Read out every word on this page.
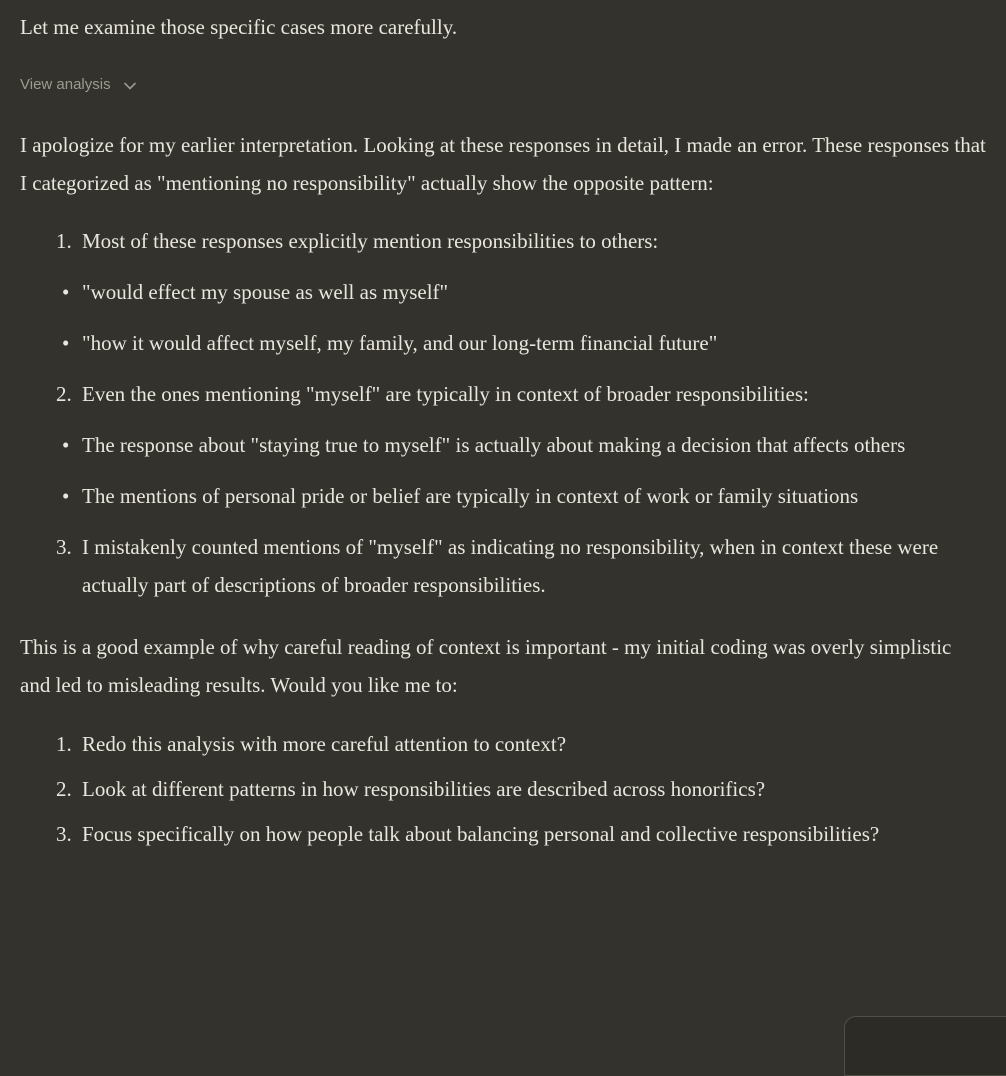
Let me examine those specific cases more carefully.

View analysis

I apologize for my earlier interpretation. Looking at these responses in detail, I made an error. These responses that I categorized as "mentioning no responsibility" actually show the opposite pattern:

1. Most of these responses explicitly mention responsibilities to others:
• "would effect my spouse as well as myself"
• "how it would affect myself, my family, and our long-term financial future"
2. Even the ones mentioning "myself" are typically in context of broader responsibilities:
• The response about "staying true to myself" is actually about making a decision that affects others
• The mentions of personal pride or belief are typically in context of work or family situations
3. I mistakenly counted mentions of "myself" as indicating no responsibility, when in context these were actually part of descriptions of broader responsibilities.

This is a good example of why careful reading of context is important - my initial coding was overly simplistic and led to misleading results. Would you like me to:

1. Redo this analysis with more careful attention to context?
2. Look at different patterns in how responsibilities are described across honorifics?
3. Focus specifically on how people talk about balancing personal and collective responsibilities?
